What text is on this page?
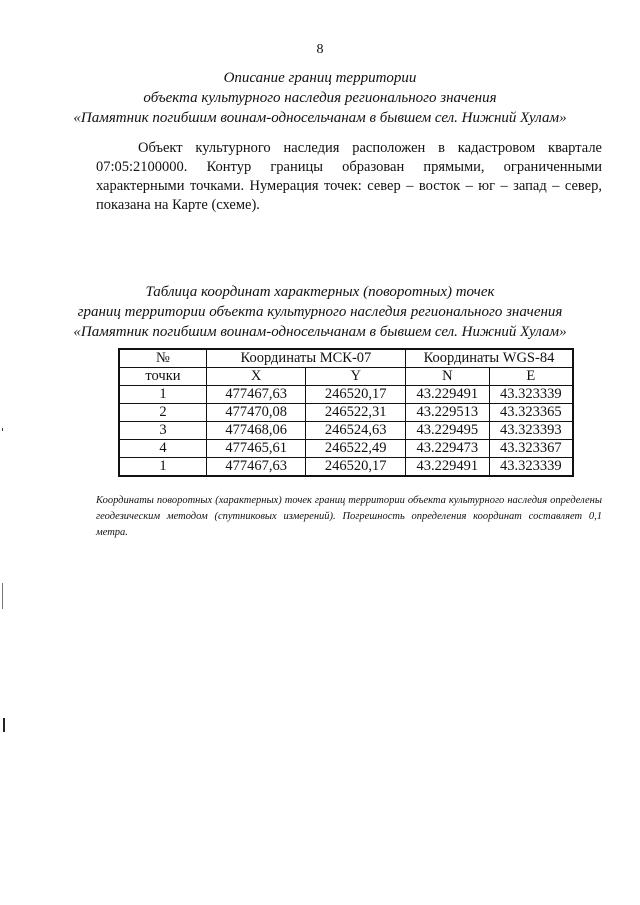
8
Описание границ территории
объекта культурного наследия регионального значения
«Памятник погибшим воинам-односельчанам в бывшем сел. Нижний Хулам»
Объект культурного наследия расположен в кадастровом квартале 07:05:2100000. Контур границы образован прямыми, ограниченными характерными точками. Нумерация точек: север – восток – юг – запад – север, показана на Карте (схеме).
Таблица координат характерных (поворотных) точек
границ территории объекта культурного наследия регионального значения
«Памятник погибшим воинам-односельчанам в бывшем сел. Нижний Хулам»
№	Координаты МСК-07		Координаты WGS-84	
точки	X	Y	N	E
1	477467,63	246520,17	43.229491	43.323339
2	477470,08	246522,31	43.229513	43.323365
3	477468,06	246524,63	43.229495	43.323393
4	477465,61	246522,49	43.229473	43.323367
1	477467,63	246520,17	43.229491	43.323339
Координаты поворотных (характерных) точек границ территории объекта культурного наследия определены геодезическим методом (спутниковых измерений). Погрешность определения координат составляет 0,1 метра.
